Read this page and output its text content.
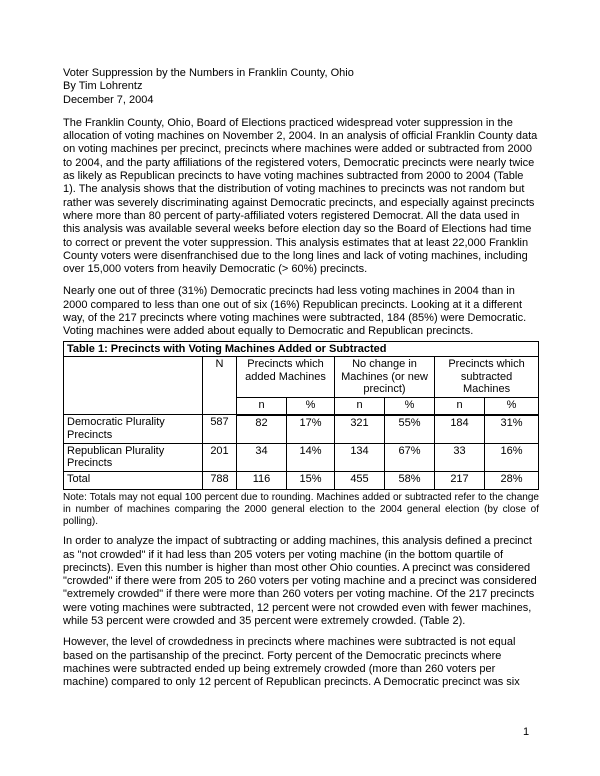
Voter Suppression by the Numbers in Franklin County, Ohio
By Tim Lohrentz
December 7, 2004

The Franklin County, Ohio, Board of Elections practiced widespread voter suppression in the allocation of voting machines on November 2, 2004. In an analysis of official Franklin County data on voting machines per precinct, precincts where machines were added or subtracted from 2000 to 2004, and the party affiliations of the registered voters, Democratic precincts were nearly twice as likely as Republican precincts to have voting machines subtracted from 2000 to 2004 (Table 1). The analysis shows that the distribution of voting machines to precincts was not random but rather was severely discriminating against Democratic precincts, and especially against precincts where more than 80 percent of party-affiliated voters registered Democrat. All the data used in this analysis was available several weeks before election day so the Board of Elections had time to correct or prevent the voter suppression. This analysis estimates that at least 22,000 Franklin County voters were disenfranchised due to the long lines and lack of voting machines, including over 15,000 voters from heavily Democratic (> 60%) precincts.

Nearly one out of three (31%) Democratic precincts had less voting machines in 2004 than in 2000 compared to less than one out of six (16%) Republican precincts. Looking at it a different way, of the 217 precincts where voting machines were subtracted, 184 (85%) were Democratic. Voting machines were added about equally to Democratic and Republican precincts.

Table 1: Precincts with Voting Machines Added or Subtracted							
	N	Precincts which added Machines		No change in Machines (or new precinct)		Precincts which subtracted Machines	
		n	%	n	%	n	%
Democratic Plurality Precincts	587	82	17%	321	55%	184	31%
Republican Plurality Precincts	201	34	14%	134	67%	33	16%
Total	788	116	15%	455	58%	217	28%

Note: Totals may not equal 100 percent due to rounding. Machines added or subtracted refer to the change in number of machines comparing the 2000 general election to the 2004 general election (by close of polling).

In order to analyze the impact of subtracting or adding machines, this analysis defined a precinct as "not crowded" if it had less than 205 voters per voting machine (in the bottom quartile of precincts). Even this number is higher than most other Ohio counties. A precinct was considered "crowded" if there were from 205 to 260 voters per voting machine and a precinct was considered "extremely crowded" if there were more than 260 voters per voting machine. Of the 217 precincts were voting machines were subtracted, 12 percent were not crowded even with fewer machines, while 53 percent were crowded and 35 percent were extremely crowded. (Table 2).

However, the level of crowdedness in precincts where machines were subtracted is not equal based on the partisanship of the precinct. Forty percent of the Democratic precincts where machines were subtracted ended up being extremely crowded (more than 260 voters per machine) compared to only 12 percent of Republican precincts. A Democratic precinct was six

1
